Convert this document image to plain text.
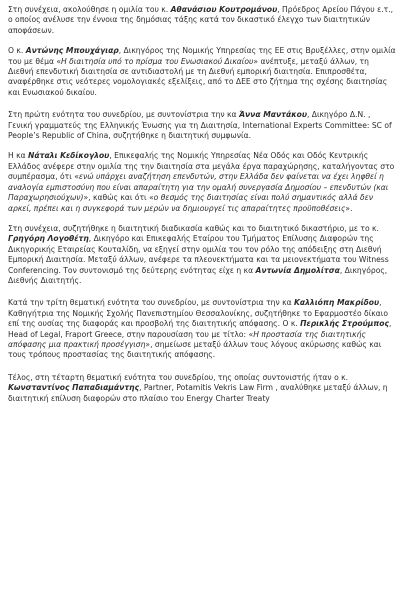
Στη συνέχεια, ακολούθησε η ομιλία του κ. Αθανάσιου Κουτρομάνου, Πρόεδρος Αρείου Πάγου ε.τ., ο οποίος ανέλυσε την έννοια της δημόσιας τάξης κατά τον δικαστικό έλεγχο των διαιτητικών αποφάσεων.

Ο κ. Αντώνης Μπουχάγιαρ, Δικηγόρος της Νομικής Υπηρεσίας της ΕΕ στις Βρυξέλλες, στην ομιλία του με θέμα «Η διαιτησία υπό το πρίσμα του Ενωσιακού Δικαίου» ανέπτυξε, μεταξύ άλλων, τη Διεθνή επενδυτική διαιτησία σε αντιδιαστολή με τη Διεθνή εμπορική διαιτησία. Επιπροσθέτα, αναφέρθηκε στις νεότερες νομολογιακές εξελίξεις, από το ΔΕΕ στο ζήτημα της σχέσης διαιτησίας και Ενωσιακού δικαίου.

Στη πρώτη ενότητα του συνεδρίου, με συντονίστρια την κα Άννα Μαντάκου, Δικηγόρο Δ.Ν. , Γενική γραμματεύς της Ελληνικής Ένωσης για τη Διαιτησία, International Experts Committee: SC of People’s Republic of China, συζητήθηκε η διαιτητική συμφωνία.

Η κα Νάταλι Κεδίκογλου, Επικεφαλής της Νομικής Υπηρεσίας Νέα Οδός και Οδός Κεντρικής Ελλάδος ανέφερε στην ομιλία της την διαιτησία στα μεγάλα έργα παραχώρησης, καταλήγοντας στο συμπέρασμα, ότι «ενώ υπάρχει αναζήτηση επενδυτών, στην Ελλάδα δεν φαίνεται να έχει ληφθεί η αναλογία εμπιστοσύνη που είναι απαραίτητη για την ομαλή συνεργασία Δημοσίου – επενδυτών (και Παραχωρησιούχων)», καθώς και ότι «ο θεσμός της διαιτησίας είναι πολύ σημαντικός αλλά δεν αρκεί, πρέπει και η συγκεφορά των μερών να δημιουργεί τις απαραίτητες προϋποθέσεις».

Στη συνέχεια, συζητήθηκε η διαιτητική διαδικασία καθώς και το διαιτητικό δικαστήριο, με το κ. Γρηγόρη Λογοθέτη, Δικηγόρο και Επικεφαλής Εταίρου του Τμήματος Επίλυσης Διαφορών της Δικηγορικής Εταιρείας Κουταλίδη, να εξηγεί στην ομιλία του τον ρόλο της απόδειξης στη Διεθνή Εμπορική Διαιτησία. Μεταξύ άλλων, ανέφερε τα πλεονεκτήματα και τα μειονεκτήματα του Witness Conferencing. Τον συντονισμό της δεύτερης ενότητας είχε η κα Αντωνία Δημολίτσα, Δικηγόρος, Διεθνής Διαιτητής.

Κατά την τρίτη θεματική ενότητα του συνεδρίου, με συντονίστρια την κα Καλλιόπη Μακρίδου, Καθηγήτρια της Νομικής Σχολής Πανεπιστημίου Θεσσαλονίκης, συζητήθηκε το Εφαρμοστέο δίκαιο επί της ουσίας της διαφοράς και προσβολή της διαιτητικής απόφασης. Ο κ. Περικλής Στρούμπος, Head of Legal, Fraport Greece, στην παρουσίαση του με τίτλο: «Η προστασία της διαιτητικής απόφασης μια πρακτική προσέγγιση», σημείωσε μεταξύ άλλων τους λόγους ακύρωσης καθώς και τους τρόπους προστασίας της διαιτητικής απόφασης.

Τέλος, στη τέταρτη θεματική ενότητα του συνεδρίου, της οποίας συντονιστής ήταν ο κ. Κωνσταντίνος Παπαδιαμάντης, Partner, Potamitis Vekris Law Firm , αναλύθηκε μεταξύ άλλων, η διαιτητική επίλυση διαφορών στο πλαίσιο του Energy Charter Treaty
